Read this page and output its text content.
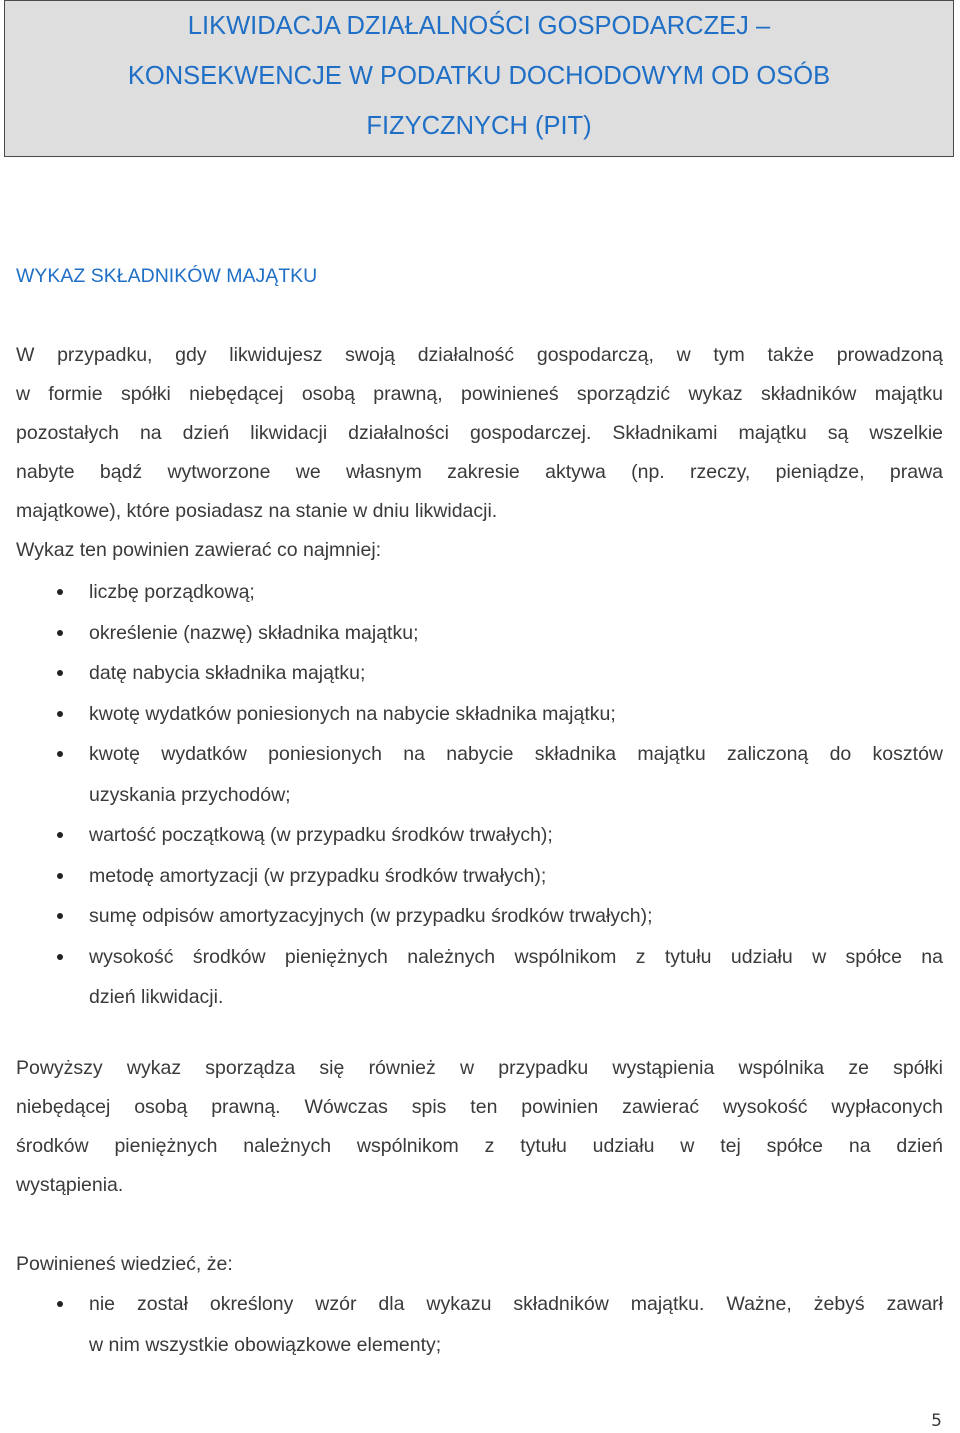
LIKWIDACJA DZIAŁALNOŚCI GOSPODARCZEJ –
KONSEKWENCJE W PODATKU DOCHODOWYM OD OSÓB
FIZYCZNYCH (PIT)
WYKAZ SKŁADNIKÓW MAJĄTKU
W przypadku, gdy likwidujesz swoją działalność gospodarczą, w tym także prowadzoną
w formie spółki niebędącej osobą prawną, powinieneś sporządzić wykaz składników majątku
pozostałych na dzień likwidacji działalności gospodarczej. Składnikami majątku są wszelkie
nabyte bądź wytworzone we własnym zakresie aktywa (np. rzeczy, pieniądze, prawa
majątkowe), które posiadasz na stanie w dniu likwidacji.
Wykaz ten powinien zawierać co najmniej:
liczbę porządkową;
określenie (nazwę) składnika majątku;
datę nabycia składnika majątku;
kwotę wydatków poniesionych na nabycie składnika majątku;
kwotę wydatków poniesionych na nabycie składnika majątku zaliczoną do kosztów
uzyskania przychodów;
wartość początkową (w przypadku środków trwałych);
metodę amortyzacji (w przypadku środków trwałych);
sumę odpisów amortyzacyjnych (w przypadku środków trwałych);
wysokość środków pieniężnych należnych wspólnikom z tytułu udziału w spółce na
dzień likwidacji.
Powyższy wykaz sporządza się również w przypadku wystąpienia wspólnika ze spółki
niebędącej osobą prawną. Wówczas spis ten powinien zawierać wysokość wypłaconych
środków pieniężnych należnych wspólnikom z tytułu udziału w tej spółce na dzień
wystąpienia.
Powinieneś wiedzieć, że:
nie został określony wzór dla wykazu składników majątku. Ważne, żebyś zawarł
w nim wszystkie obowiązkowe elementy;
5
